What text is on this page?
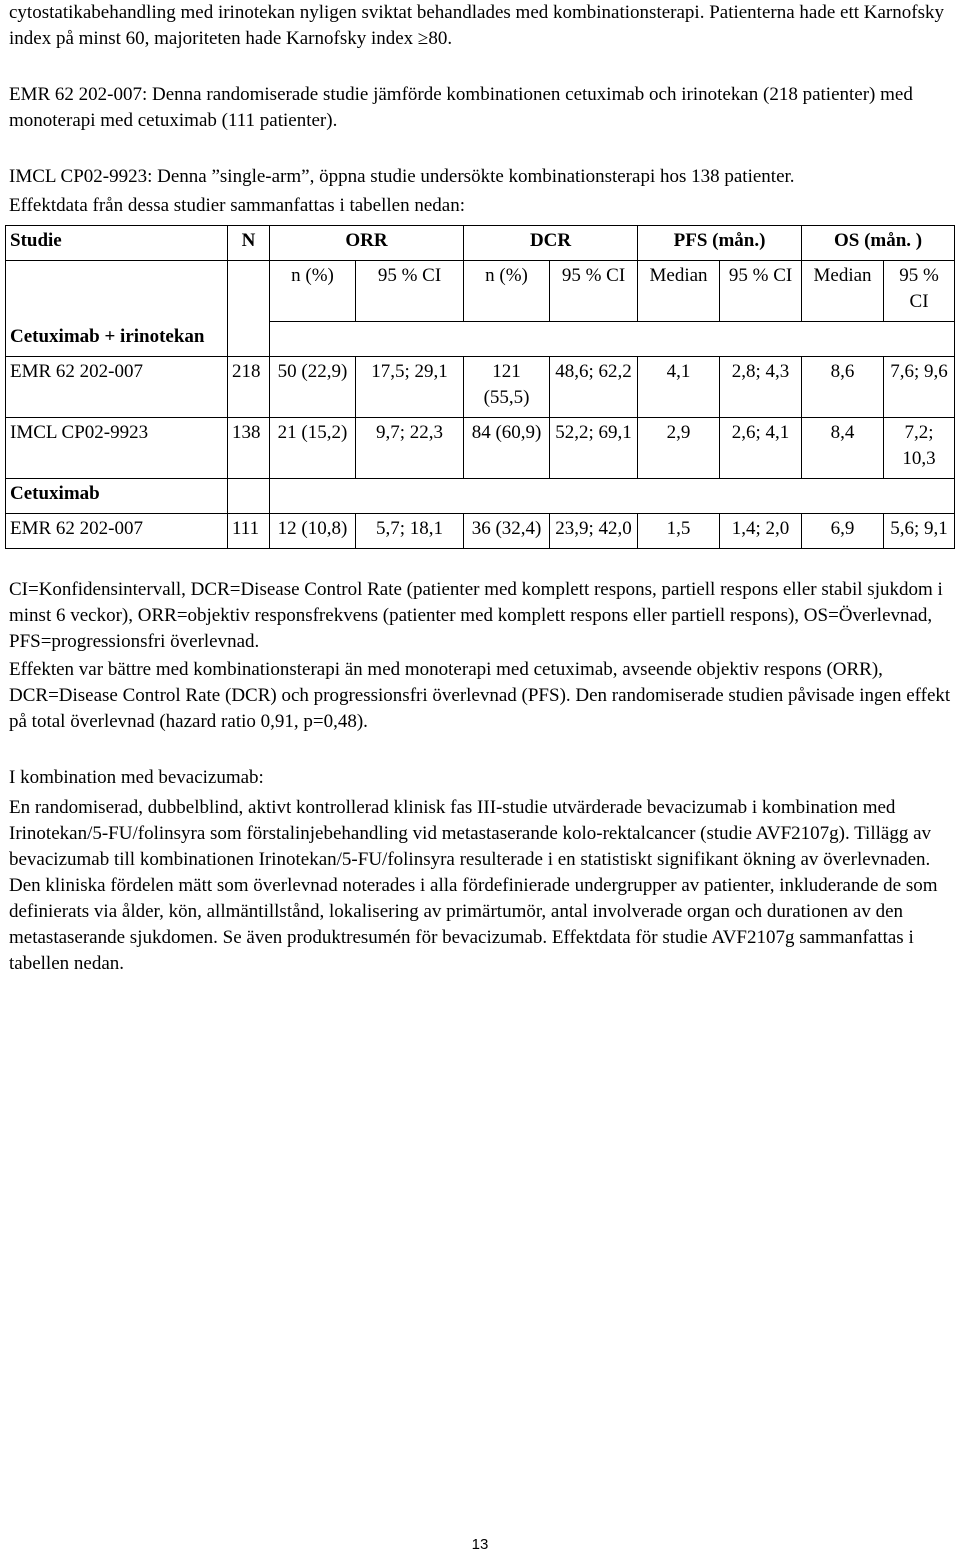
cytostatikabehandling med irinotekan nyligen sviktat behandlades med kombinationsterapi. Patienterna hade ett Karnofsky index på minst 60, majoriteten hade Karnofsky index ≥80.

EMR 62 202-007: Denna randomiserade studie jämförde kombinationen cetuximab och irinotekan (218 patienter) med monoterapi med cetuximab (111 patienter).

IMCL CP02-9923: Denna ”single-arm”, öppna studie undersökte kombinationsterapi hos 138 patienter.

Effektdata från dessa studier sammanfattas i tabellen nedan:

Studie	N	ORR		DCR		PFS (mån.)		OS (mån. )	
		n (%)	95 % CI	n (%)	95 % CI	Median	95 % CI	Median	95 % CI
Cetuximab + irinotekan									
EMR 62 202-007	218	50 (22,9)	17,5; 29,1	121 (55,5)	48,6; 62,2	4,1	2,8; 4,3	8,6	7,6; 9,6
IMCL CP02-9923	138	21 (15,2)	9,7; 22,3	84 (60,9)	52,2; 69,1	2,9	2,6; 4,1	8,4	7,2; 10,3
Cetuximab									
EMR 62 202-007	111	12 (10,8)	5,7; 18,1	36 (32,4)	23,9; 42,0	1,5	1,4; 2,0	6,9	5,6; 9,1

CI=Konfidensintervall, DCR=Disease Control Rate (patienter med komplett respons, partiell respons eller stabil sjukdom i minst 6 veckor), ORR=objektiv responsfrekvens (patienter med komplett respons eller partiell respons), OS=Överlevnad, PFS=progressionsfri överlevnad.

Effekten var bättre med kombinationsterapi än med monoterapi med cetuximab, avseende objektiv respons (ORR), DCR=Disease Control Rate (DCR) och progressionsfri överlevnad (PFS). Den randomiserade studien påvisade ingen effekt på total överlevnad (hazard ratio 0,91, p=0,48).

I kombination med bevacizumab:

En randomiserad, dubbelblind, aktivt kontrollerad klinisk fas III-studie utvärderade bevacizumab i kombination med Irinotekan/5-FU/folinsyra som förstalinjebehandling vid metastaserande kolo-rektalcancer (studie AVF2107g). Tillägg av bevacizumab till kombinationen Irinotekan/5-FU/folinsyra resulterade i en statistiskt signifikant ökning av överlevnaden. Den kliniska fördelen mätt som överlevnad noterades i alla fördefinierade undergrupper av patienter, inkluderande de som definierats via ålder, kön, allmäntillstånd, lokalisering av primärtumör, antal involverade organ och durationen av den metastaserande sjukdomen. Se även produktresumén för bevacizumab. Effektdata för studie AVF2107g sammanfattas i tabellen nedan.

13
